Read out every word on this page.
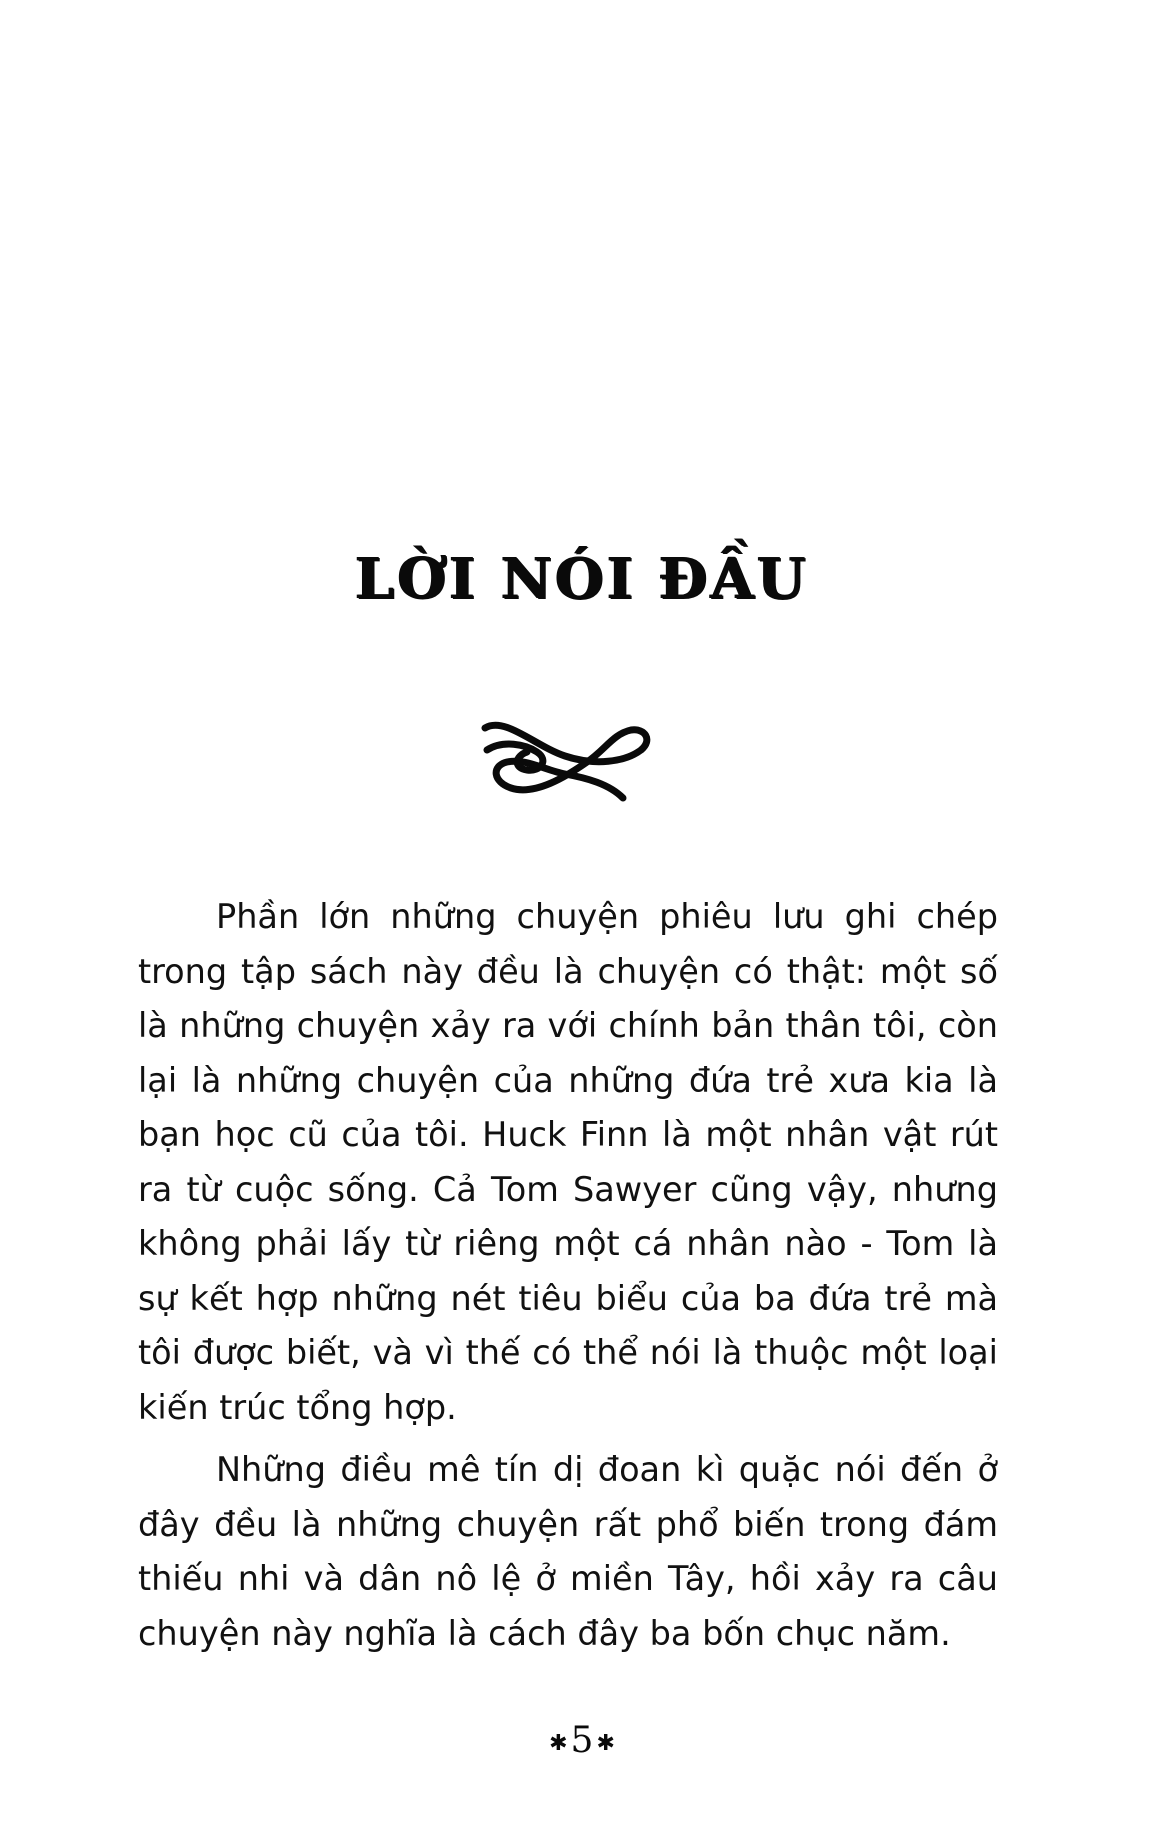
LỜI NÓI ĐẦU

Phần lớn những chuyện phiêu lưu ghi chép trong tập sách này đều là chuyện có thật: một số là những chuyện xảy ra với chính bản thân tôi, còn lại là những chuyện của những đứa trẻ xưa kia là bạn học cũ của tôi. Huck Finn là một nhân vật rút ra từ cuộc sống. Cả Tom Sawyer cũng vậy, nhưng không phải lấy từ riêng một cá nhân nào - Tom là sự kết hợp những nét tiêu biểu của ba đứa trẻ mà tôi được biết, và vì thế có thể nói là thuộc một loại kiến trúc tổng hợp.

Những điều mê tín dị đoan kì quặc nói đến ở đây đều là những chuyện rất phổ biến trong đám thiếu nhi và dân nô lệ ở miền Tây, hồi xảy ra câu chuyện này nghĩa là cách đây ba bốn chục năm.

✱5 ✱
